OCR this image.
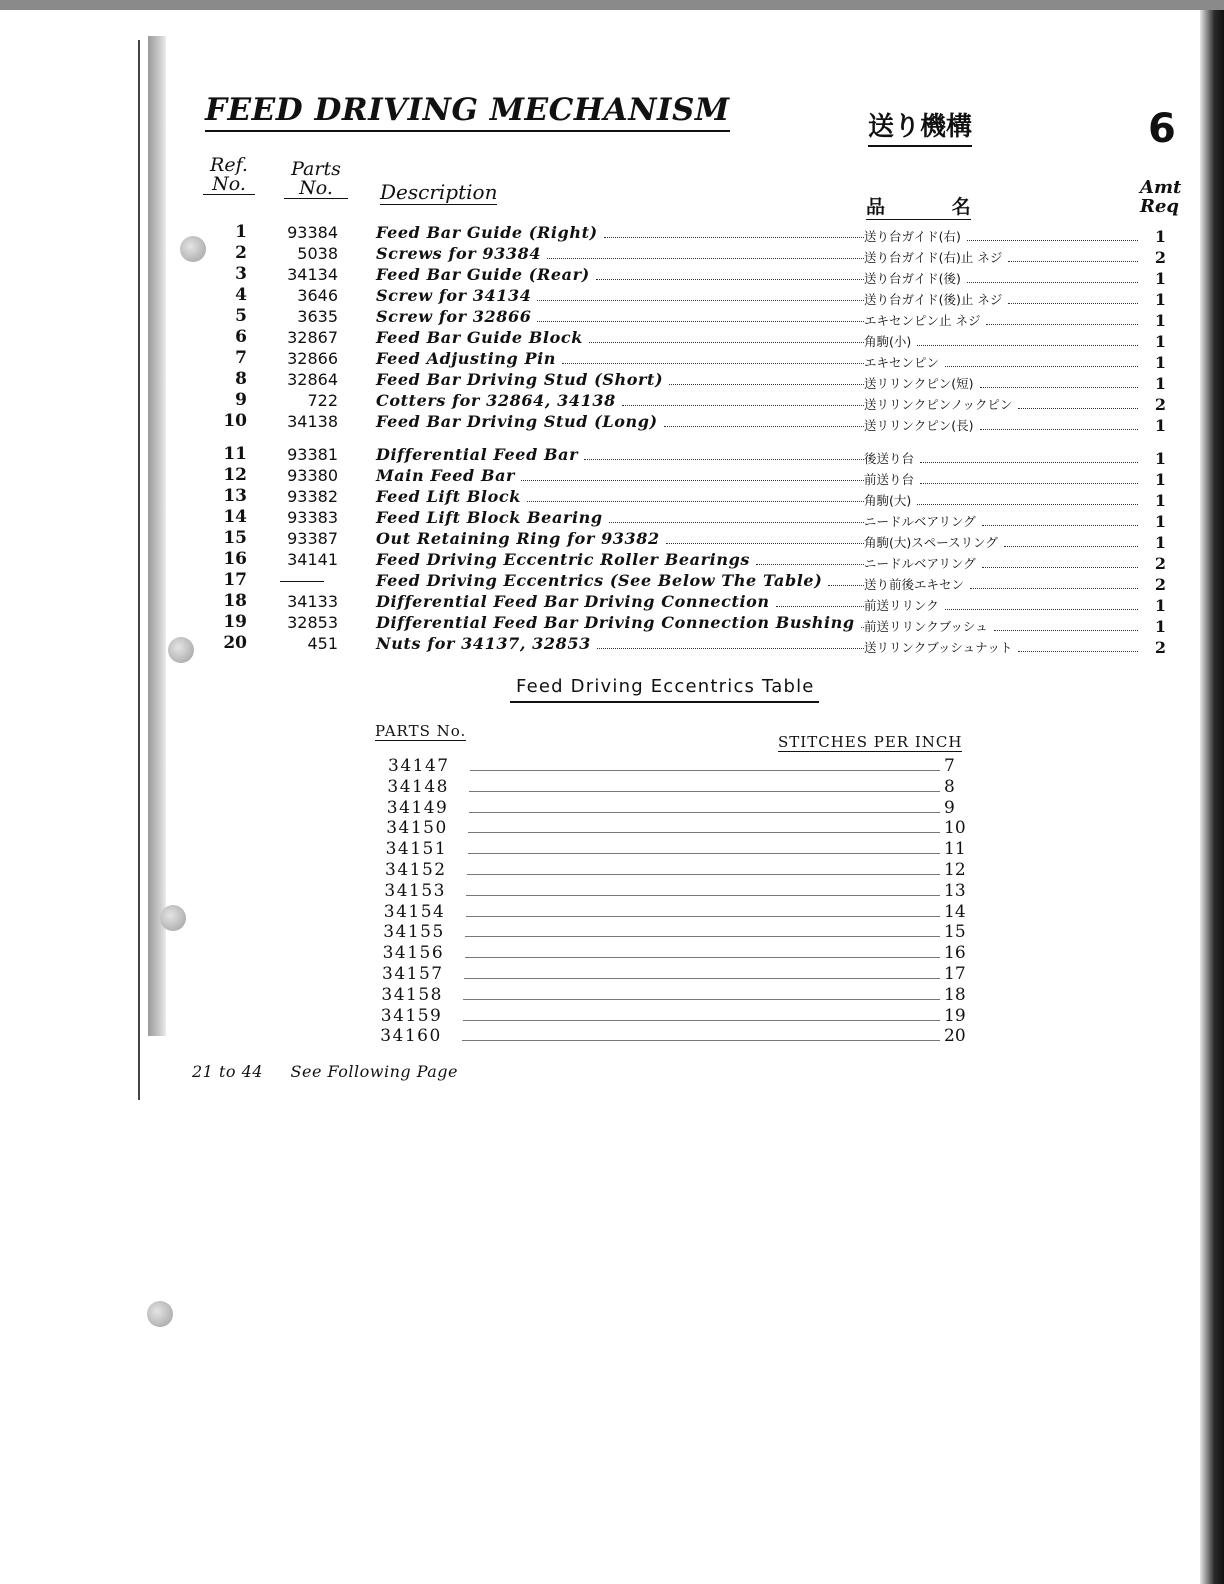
FEED DRIVING MECHANISM	送り機構	6
Ref.
No.
Parts
No.	Description
品 名
Amt
Req
1	93384 Feed Bar Guide (Right)	送り台ガイド(右)	1
2	5038 Screws for 93384	送り台ガイド(右)止 ネジ	2
3	34134 Feed Bar Guide (Rear)	送り台ガイド(後)	1
4	3646 Screw for 34134	送り台ガイド(後)止 ネジ	1
5	3635 Screw for 32866	エキセンピン止 ネジ	1
6	32867 Feed Bar Guide Block	角駒(小)	1
7	32866 Feed Adjusting Pin	エキセンピン	1
8	32864 Feed Bar Driving Stud (Short)	送リリンクピン(短)	1
9	722 Cotters for 32864, 34138	送リリンクピンノックピン	2
10	34138 Feed Bar Driving Stud (Long)	送リリンクピン(長)	1
11	93381 Differential Feed Bar	後送り台	1
12	93380 Main Feed Bar	前送り台	1
13	93382 Feed Lift Block	角駒(大)	1
14	93383 Feed Lift Block Bearing	ニードルベアリング	1
15	93387 Out Retaining Ring for 93382	角駒(大)スペースリング	1
16	34141 Feed Driving Eccentric Roller Bearings	ニードルベアリング	2
17	Feed Driving Eccentrics (See Below The Table)	送り前後エキセン	2
18	34133 Differential Feed Bar Driving Connection	前送リリンク	1
19	32853 Differential Feed Bar Driving Connection Bushing 前送リリンクブッシュ	1
20	451 Nuts for 34137, 32853	送リリンクブッシュナット	2
Feed Driving Eccentrics Table
PARTS No.
STITCHES PER INCH
34147	7
34148	8
34149	9
34150	10
34151	11
34152	12
34153	13
34154	14
34155	15
34156	16
34157	17
34158	18
34159	19
34160	20
21 to 44 See Following Page
